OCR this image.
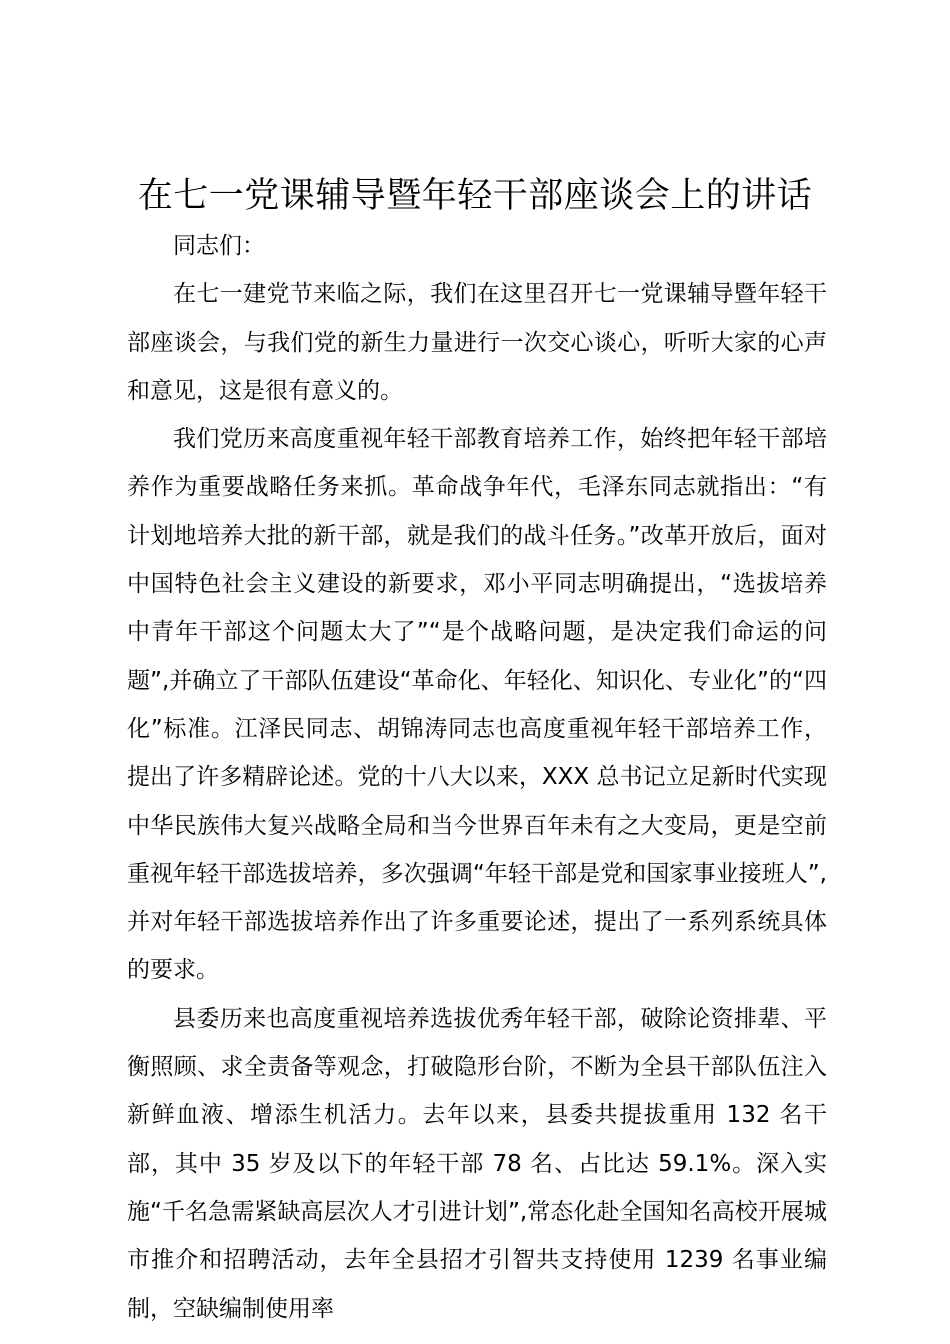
在七一党课辅导暨年轻干部座谈会上的讲话

同志们：

在七一建党节来临之际，我们在这里召开七一党课辅导暨年轻干部座谈会，与我们党的新生力量进行一次交心谈心，听听大家的心声和意见，这是很有意义的。

我们党历来高度重视年轻干部教育培养工作，始终把年轻干部培养作为重要战略任务来抓。革命战争年代，毛泽东同志就指出：“有计划地培养大批的新干部，就是我们的战斗任务。”改革开放后，面对中国特色社会主义建设的新要求，邓小平同志明确提出，“选拔培养中青年干部这个问题太大了”“是个战略问题，是决定我们命运的问题”,并确立了干部队伍建设“革命化、年轻化、知识化、专业化”的“四化”标准。江泽民同志、胡锦涛同志也高度重视年轻干部培养工作，提出了许多精辟论述。党的十八大以来，XXX 总书记立足新时代实现中华民族伟大复兴战略全局和当今世界百年未有之大变局，更是空前重视年轻干部选拔培养，多次强调“年轻干部是党和国家事业接班人”,并对年轻干部选拔培养作出了许多重要论述，提出了一系列系统具体的要求。

县委历来也高度重视培养选拔优秀年轻干部，破除论资排辈、平衡照顾、求全责备等观念，打破隐形台阶，不断为全县干部队伍注入新鲜血液、增添生机活力。去年以来，县委共提拔重用 132 名干部，其中 35 岁及以下的年轻干部 78 名、占比达 59.1%。深入实施“千名急需紧缺高层次人才引进计划”,常态化赴全国知名高校开展城市推介和招聘活动，去年全县招才引智共支持使用 1239 名事业编制，空缺编制使用率
